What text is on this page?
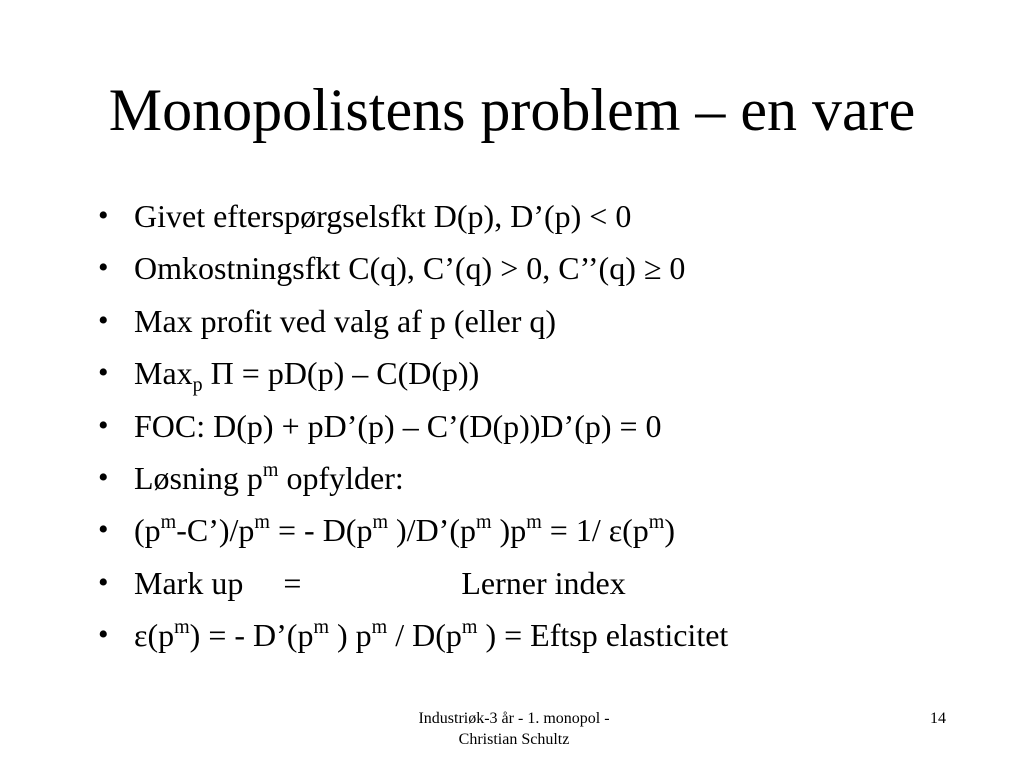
Monopolistens problem – en vare
• Givet efterspørgselsfkt D(p), D’(p) < 0
• Omkostningsfkt C(q), C’(q) > 0, C’’(q) ≥ 0
• Max profit ved valg af p (eller q)
• Max$_p$ Π = pD(p) – C(D(p))
• FOC: D(p) + pD’(p) – C’(D(p))D’(p) = 0
• Løsning $p^m$ opfylder:
• $(p^m-C’)/p^m$ = - $D(p^m$ )$/D’(p^m$ )$p^m = 1/$ $\varepsilon(p^m)$
• Mark up     =                    Lerner index
• $\varepsilon(p^m)$ = - $D’(p^m$ ) $p^m / D(p^m$ ) = Eftsp elasticitet
Industriøk-3 år - 1. monopol -
Christian Schultz
14
